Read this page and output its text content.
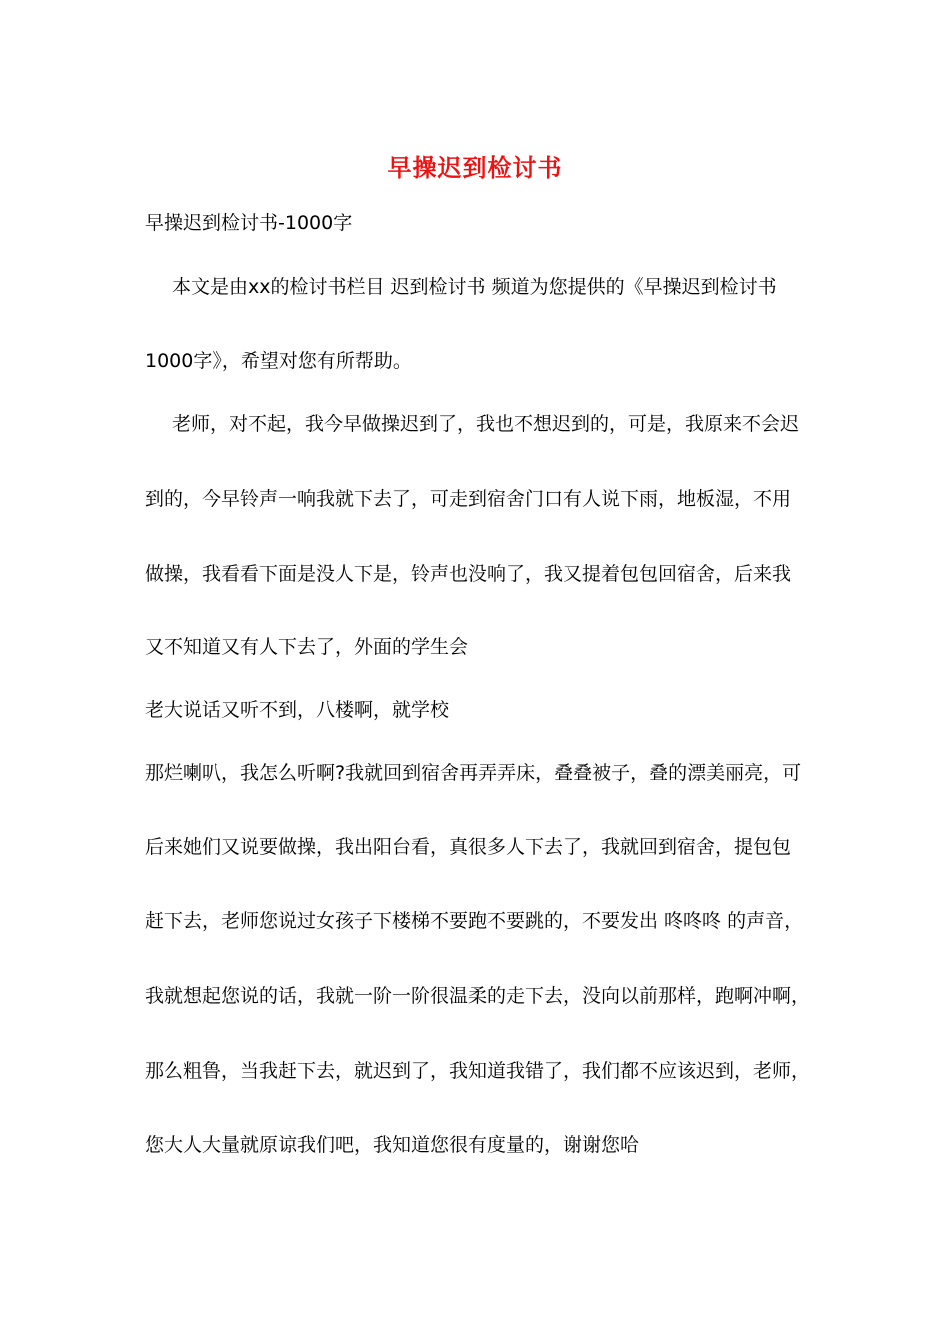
早操迟到检讨书
早操迟到检讨书-1000字
本文是由xx的检讨书栏目 迟到检讨书 频道为您提供的《早操迟到检讨书
1000字》，希望对您有所帮助。
老师，对不起，我今早做操迟到了，我也不想迟到的，可是，我原来不会迟
到的，今早铃声一响我就下去了，可走到宿舍门口有人说下雨，地板湿，不用
做操，我看看下面是没人下是，铃声也没响了，我又提着包包回宿舍，后来我
又不知道又有人下去了，外面的学生会
老大说话又听不到，八楼啊，就学校
那烂喇叭，我怎么听啊?我就回到宿舍再弄弄床，叠叠被子，叠的漂美丽亮，可
后来她们又说要做操，我出阳台看，真很多人下去了，我就回到宿舍，提包包
赶下去，老师您说过女孩子下楼梯不要跑不要跳的，不要发出 咚咚咚 的声音，
我就想起您说的话，我就一阶一阶很温柔的走下去，没向以前那样，跑啊冲啊，
那么粗鲁，当我赶下去，就迟到了，我知道我错了，我们都不应该迟到，老师，
您大人大量就原谅我们吧，我知道您很有度量的，谢谢您哈
